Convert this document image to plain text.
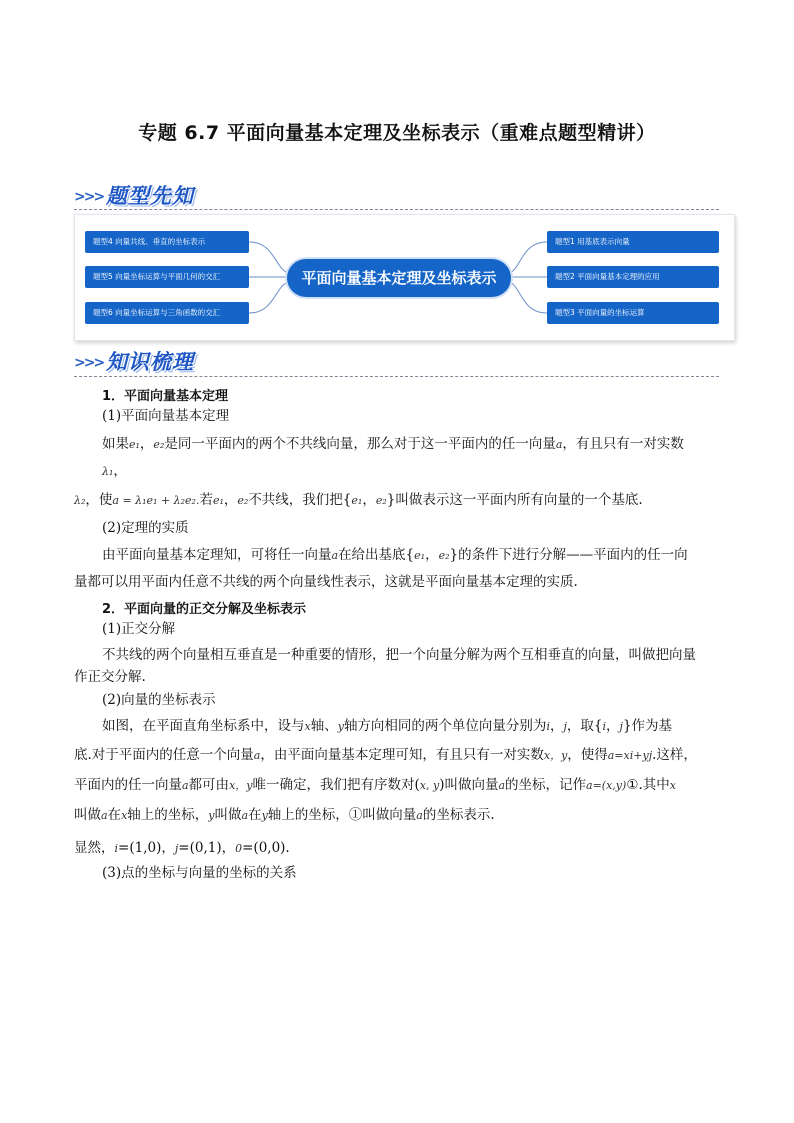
专题 6.7 平面向量基本定理及坐标表示（重难点题型精讲）
>>> 题型先知
题型4 向量共线、垂直的坐标表示
题型5 向量坐标运算与平面几何的交汇
题型6 向量坐标运算与三角函数的交汇
平面向量基本定理及坐标表示
题型1 用基底表示向量
题型2 平面向量基本定理的应用
题型3 平面向量的坐标运算
>>> 知识梳理
1．平面向量基本定理
(1)平面向量基本定理
如果e₁，e₂是同一平面内的两个不共线向量，那么对于这一平面内的任一向量a，有且只有一对实数
λ₁，
λ₂，使a = λ₁e₁ + λ₂e₂.若e₁，e₂不共线，我们把{e₁，e₂}叫做表示这一平面内所有向量的一个基底.
(2)定理的实质
由平面向量基本定理知，可将任一向量a在给出基底{e₁，e₂}的条件下进行分解——平面内的任一向
量都可以用平面内任意不共线的两个向量线性表示，这就是平面向量基本定理的实质.
2．平面向量的正交分解及坐标表示
(1)正交分解
不共线的两个向量相互垂直是一种重要的情形，把一个向量分解为两个互相垂直的向量，叫做把向量
作正交分解.
(2)向量的坐标表示
如图，在平面直角坐标系中，设与x轴、y轴方向相同的两个单位向量分别为i，j，取{i，j}作为基
底.对于平面内的任意一个向量a，由平面向量基本定理可知，有且只有一对实数x，y，使得a=xi+yj.这样，
平面内的任一向量a都可由x，y唯一确定，我们把有序数对(x, y)叫做向量a的坐标，记作a=(x,y)①.其中x
叫做a在x轴上的坐标，y叫做a在y轴上的坐标，①叫做向量a的坐标表示.
显然，i=(1,0)，j=(0,1)，0=(0,0).
(3)点的坐标与向量的坐标的关系
